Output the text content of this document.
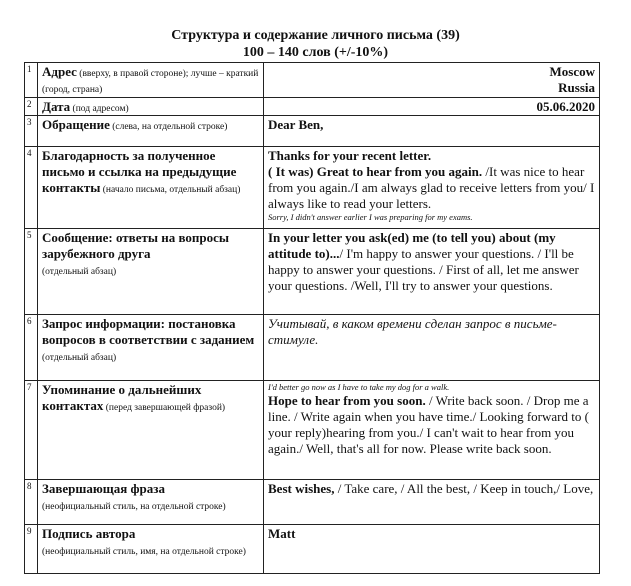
Структура и содержание личного письма (39)
100 – 140 слов (+/-10%)
1	Адрес (вверху, в правой стороне); лучше – краткий (город, страна)	Moscow
Russia

2	Дата (под адресом)	05.06.2020

3	Обращение (слева, на отдельной строке)	Dear Ben,
4	Благодарность за полученное письмо и ссылка на предыдущие контакты (начало письма, отдельный абзац)	Thanks for your recent letter.
( It was) Great to hear from you again. /It was nice to hear from you again./I am always glad to receive letters from you/ I always like to read your letters.
Sorry, I didn't answer earlier I was preparing for my exams.

5	Сообщение: ответы на вопросы зарубежного друга
(отдельный абзац)	In your letter you ask(ed) me (to tell you) about (my attitude to).../ I'm happy to answer your questions. / I'll be happy to answer your questions. / First of all, let me answer your questions. /Well, I'll try to answer your questions.
6	Запрос информации: постановка вопросов в соответствии с заданием
(отдельный абзац)	Учитывай, в каком времени сделан запрос в письме-стимуле.
7	Упоминание о дальнейших контактах (перед завершающей фразой)	I'd better go now as I have to take my dog for a walk.
Hope to hear from you soon. / Write back soon. / Drop me a line. / Write again when you have time./ Looking forward to ( your reply)hearing from you./ I can't wait to hear from you again./ Well, that's all for now. Please write back soon.
8	Завершающая фраза
(неофициальный стиль, на отдельной строке)	Best wishes, / Take care, / All the best, / Keep in touch,/ Love,
9	Подпись автора
(неофициальный стиль, имя, на отдельной строке)	Matt
